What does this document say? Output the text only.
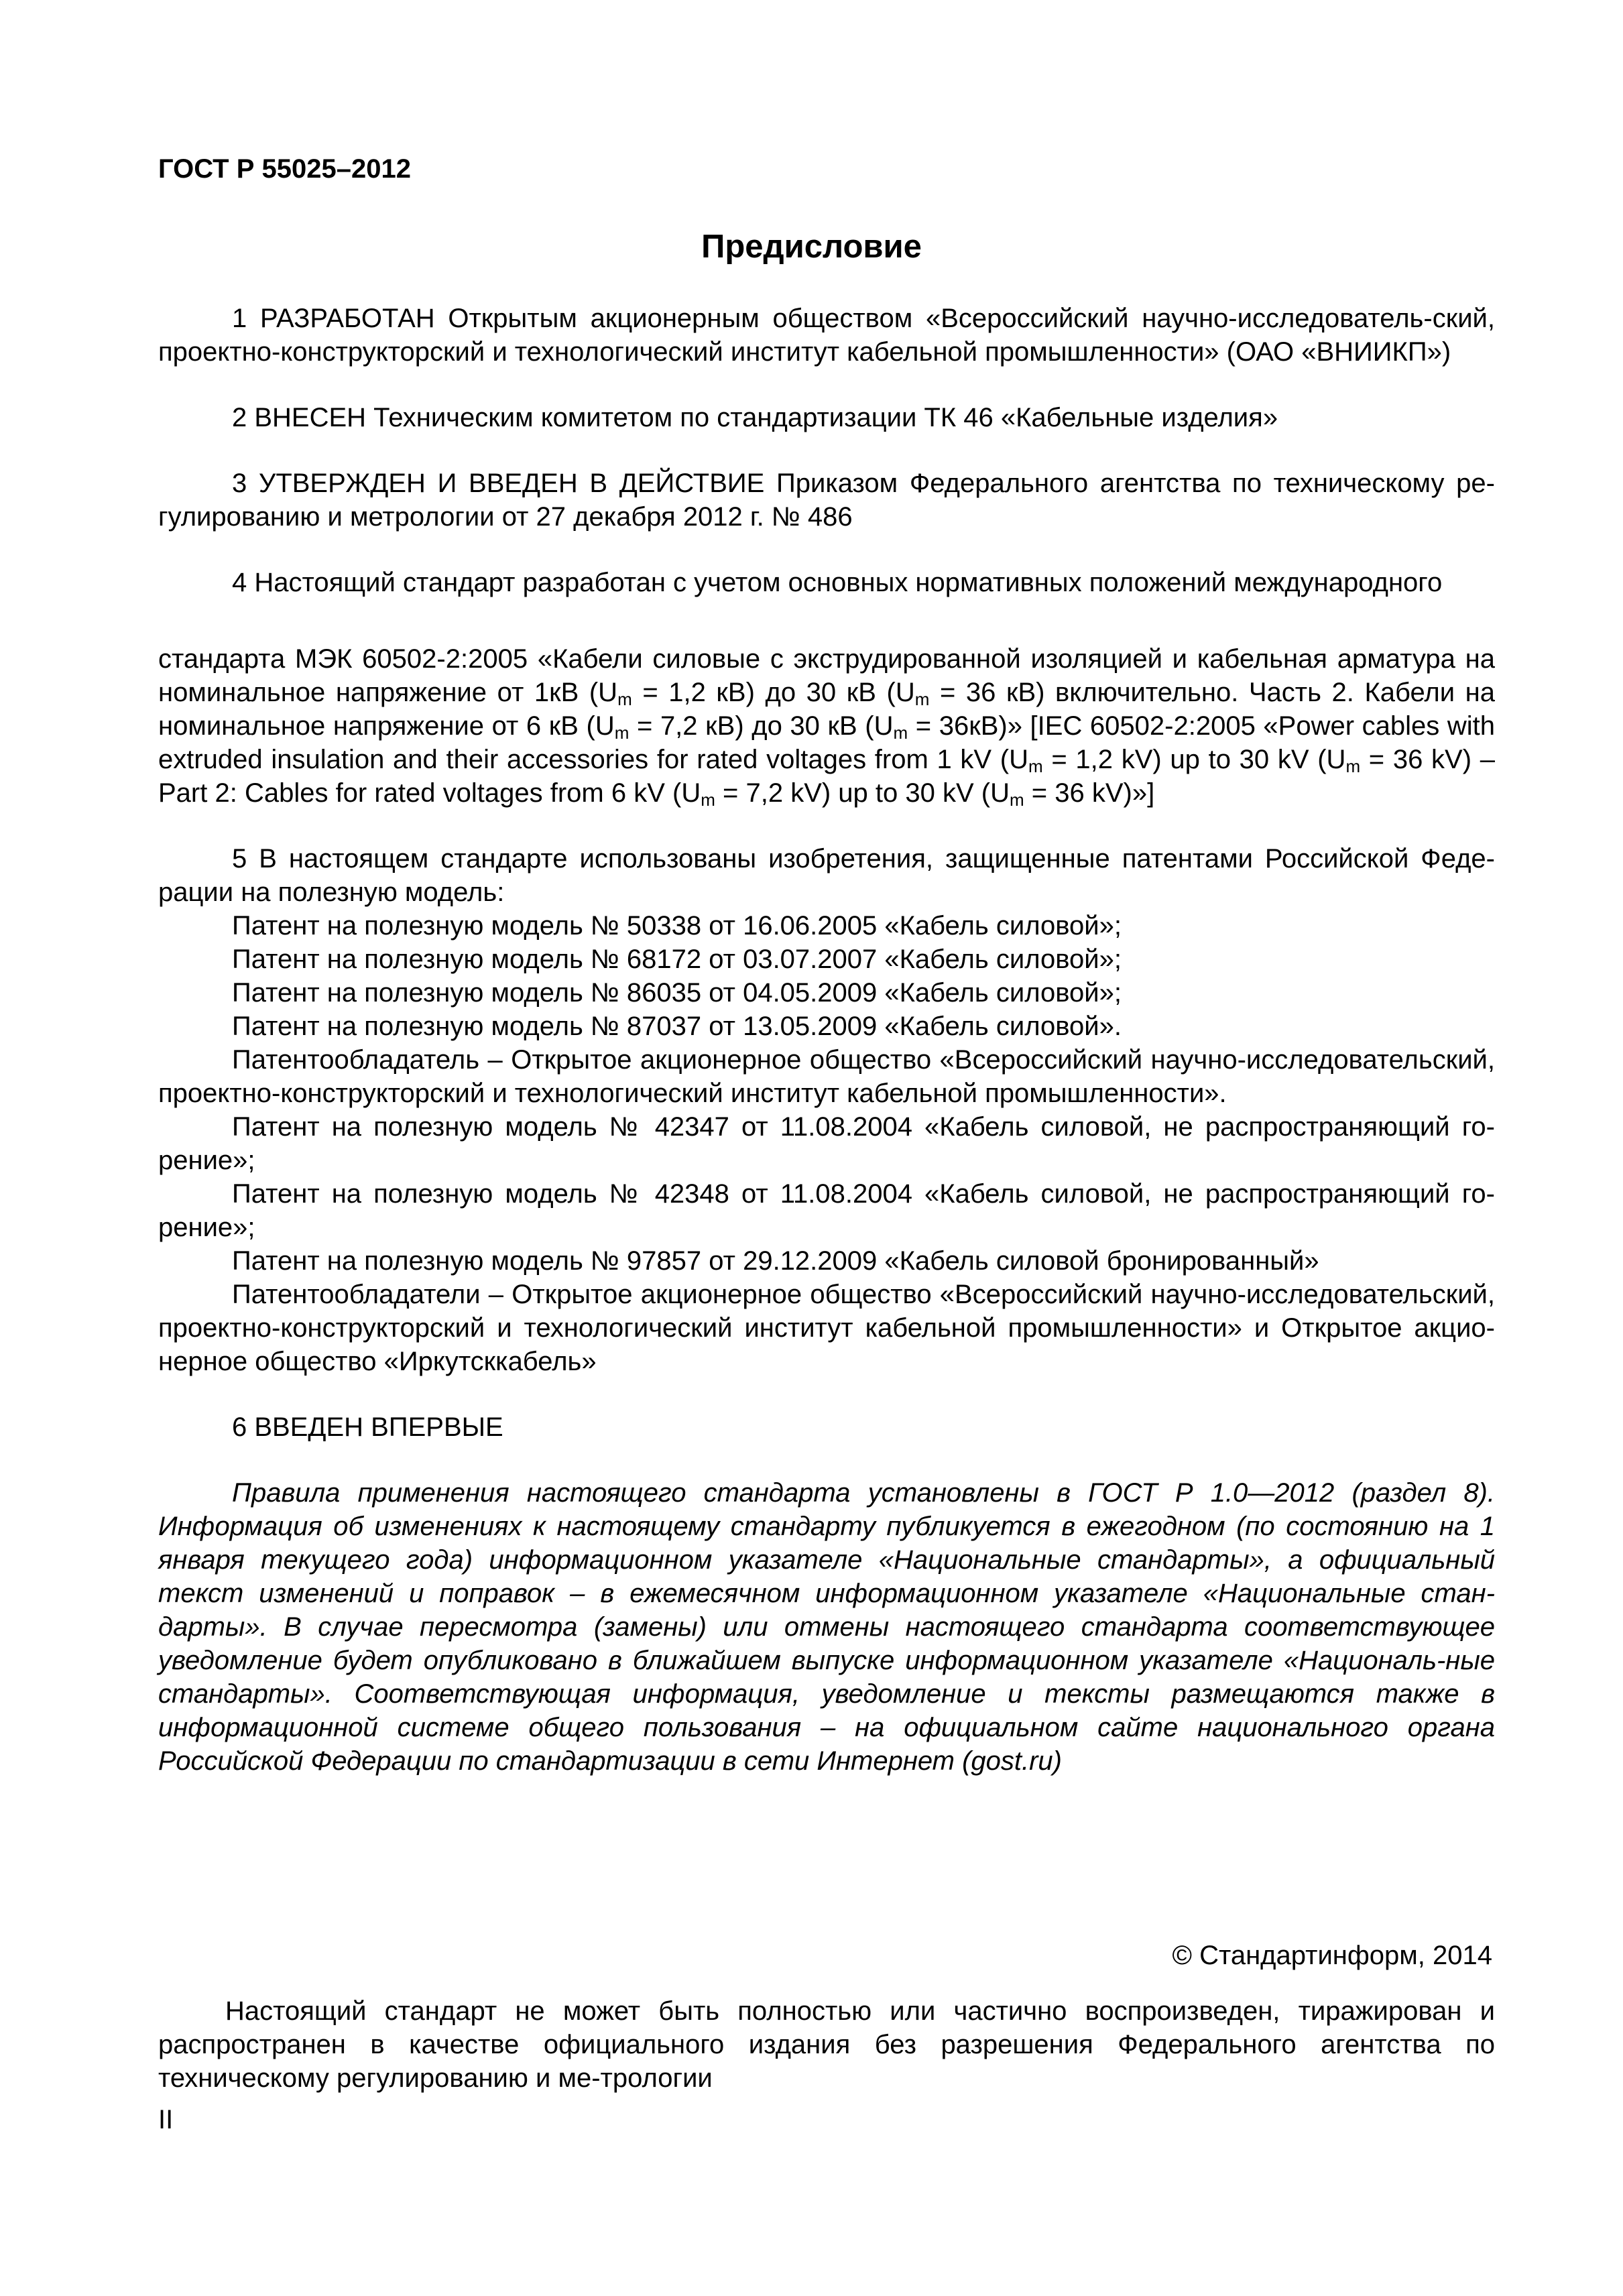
ГОСТ Р 55025–2012
Предисловие

1 РАЗРАБОТАН Открытым акционерным обществом «Всероссийский научно-исследователь-ский, проектно-конструкторский и технологический институт кабельной промышленности» (ОАО «ВНИИКП»)

2 ВНЕСЕН Техническим комитетом по стандартизации ТК 46 «Кабельные изделия»

3 УТВЕРЖДЕН И ВВЕДЕН В ДЕЙСТВИЕ Приказом Федерального агентства по техническому ре-гулированию и метрологии от 27 декабря 2012 г. № 486

4 Настоящий стандарт разработан с учетом основных нормативных положений международного

стандарта МЭК 60502-2:2005 «Кабели силовые с экструдированной изоляцией и кабельная арматура на номинальное напряжение от 1кВ ($U_m = 1,2$ кВ) до 30 кВ ($U_m = 36$ кВ) включительно. Часть 2. Кабели на номинальное напряжение от 6 кВ ($U_m = 7,2$ кВ) до 30 кВ $(U_m = 36кВ)$» [IEC 60502-2:2005 «Power cables with extruded insulation and their accessories for rated voltages from 1 kV ($U_m = 1,2$ kV) up to 30 kV ($U_m = 36$ kV) – Part 2: Cables for rated voltages from 6 kV ($U_m = 7,2$ kV) up to 30 kV ($U_m = 36$ kV)»]

5 В настоящем стандарте использованы изобретения, защищенные патентами Российской Феде-рации на полезную модель:

Патент на полезную модель № 50338 от 16.06.2005 «Кабель силовой»;

Патент на полезную модель № 68172 от 03.07.2007 «Кабель силовой»;

Патент на полезную модель № 86035 от 04.05.2009 «Кабель силовой»;

Патент на полезную модель № 87037 от 13.05.2009 «Кабель силовой».

Патентообладатель – Открытое акционерное общество «Всероссийский научно-исследовательский, проектно-конструкторский и технологический институт кабельной промышленности».

Патент на полезную модель № 42347 от 11.08.2004 «Кабель силовой, не распространяющий го-рение»;

Патент на полезную модель № 42348 от 11.08.2004 «Кабель силовой, не распространяющий го-рение»;

Патент на полезную модель № 97857 от 29.12.2009 «Кабель силовой бронированный»

Патентообладатели – Открытое акционерное общество «Всероссийский научно-исследовательский, проектно-конструкторский и технологический институт кабельной промышленности» и Открытое акцио-нерное общество «Иркутсккабель»

6 ВВЕДЕН ВПЕРВЫЕ

Правила применения настоящего стандарта установлены в ГОСТ Р 1.0—2012 (раздел 8). Информация об изменениях к настоящему стандарту публикуется в ежегодном (по состоянию на 1 января текущего года) информационном указателе «Национальные стандарты», а официальный текст изменений и поправок – в ежемесячном информационном указателе «Национальные стан-дарты». В случае пересмотра (замены) или отмены настоящего стандарта соответствующее уведомление будет опубликовано в ближайшем выпуске информационном указателе «Националь-ные стандарты». Соответствующая информация, уведомление и тексты размещаются также в информационной системе общего пользования – на официальном сайте национального органа Российской Федерации по стандартизации в сети Интернет (gost.ru)

© Стандартинформ, 2014

Настоящий стандарт не может быть полностью или частично воспроизведен, тиражирован и распространен в качестве официального издания без разрешения Федерального агентства по техническому регулированию и ме-трологии

II
